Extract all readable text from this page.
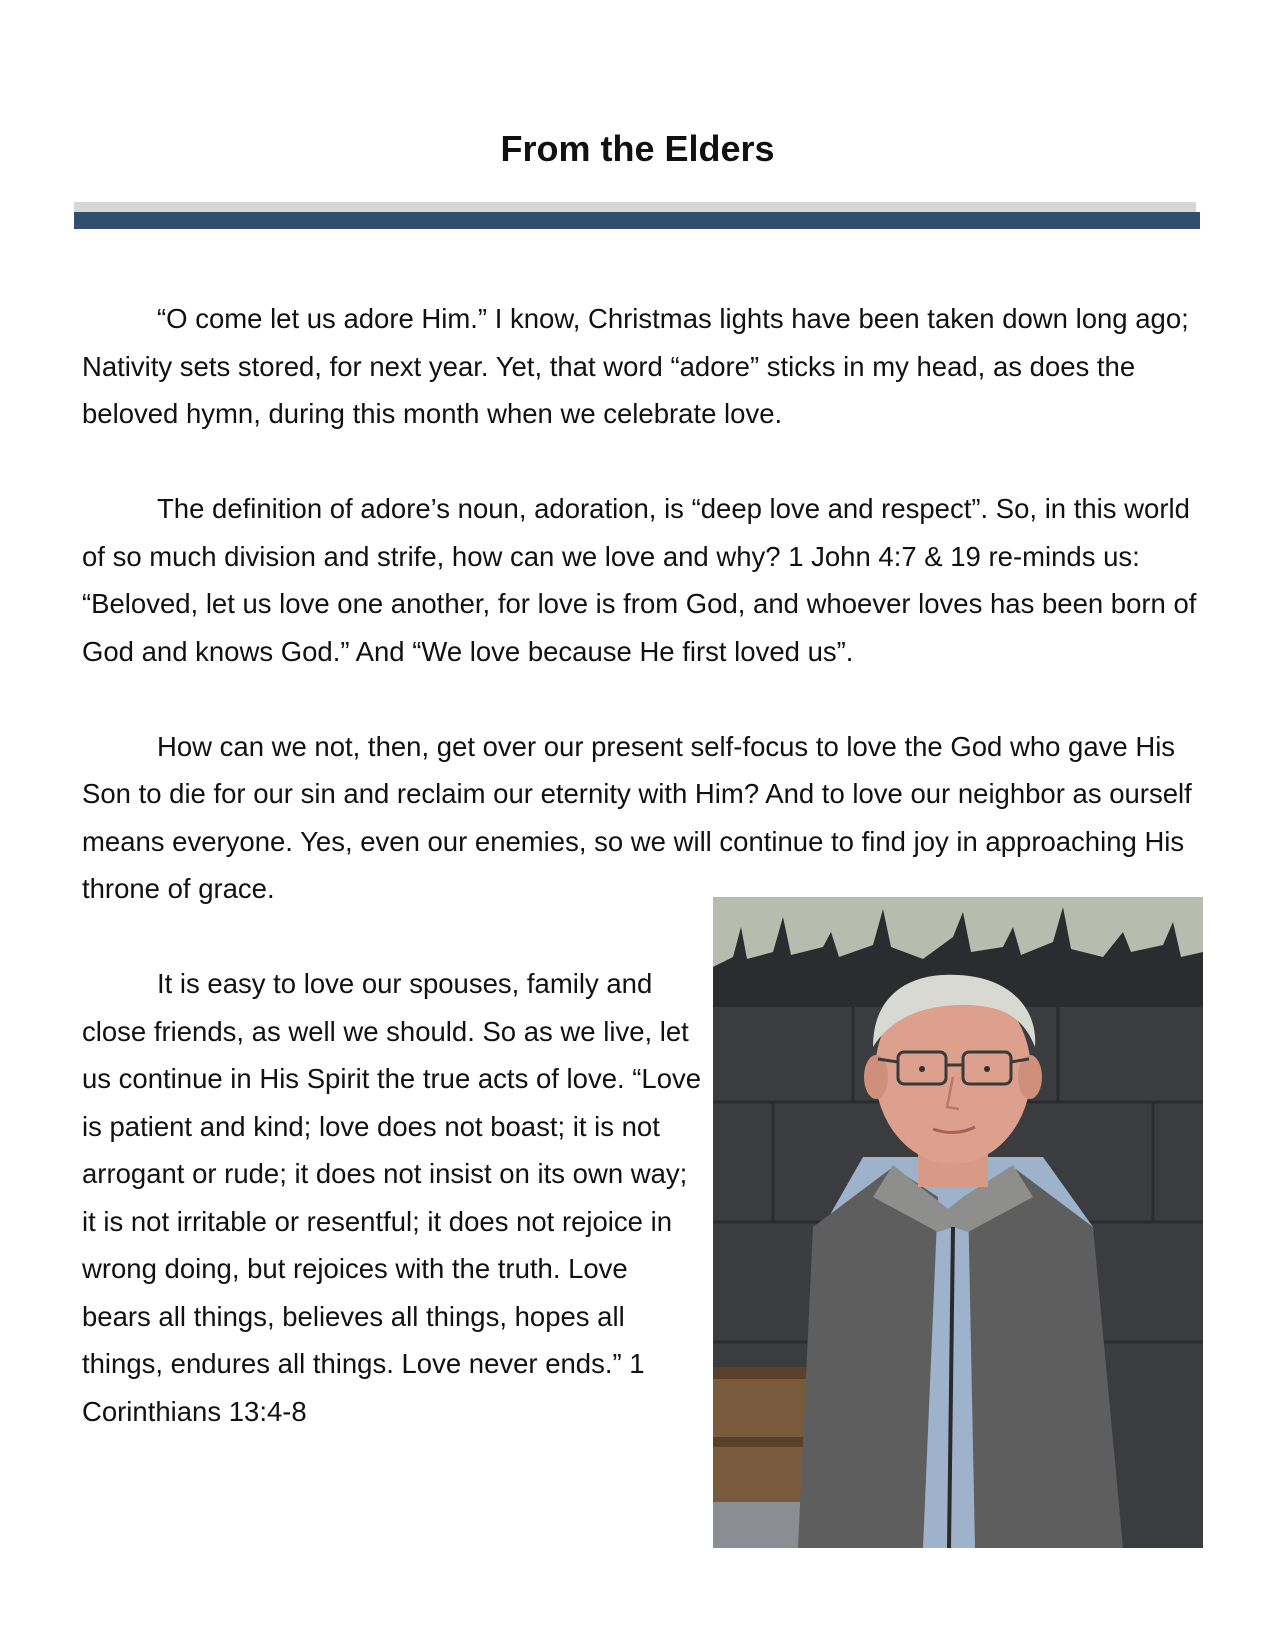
From the Elders

“O come let us adore Him.” I know, Christmas lights have been taken down long ago; Nativity sets stored, for next year. Yet, that word “adore” sticks in my head, as does the beloved hymn, during this month when we celebrate love.

The definition of adore’s noun, adoration, is “deep love and respect”. So, in this world of so much division and strife, how can we love and why? 1 John 4:7 & 19 re-minds us: “Beloved, let us love one another, for love is from God, and whoever loves has been born of God and knows God.” And “We love because He first loved us”.

How can we not, then, get over our present self-focus to love the God who gave His Son to die for our sin and reclaim our eternity with Him? And to love our neighbor as ourself means everyone. Yes, even our enemies, so we will continue to find joy in approaching His throne of grace.

It is easy to love our spouses, family and close friends, as well we should. So as we live, let us continue in His Spirit the true acts of love. “Love is patient and kind; love does not boast; it is not arrogant or rude; it does not insist on its own way; it is not irritable or resentful; it does not rejoice in wrong doing, but rejoices with the truth. Love bears all things, believes all things, hopes all things, endures all things. Love never ends.” 1 Corinthians 13:4-8
